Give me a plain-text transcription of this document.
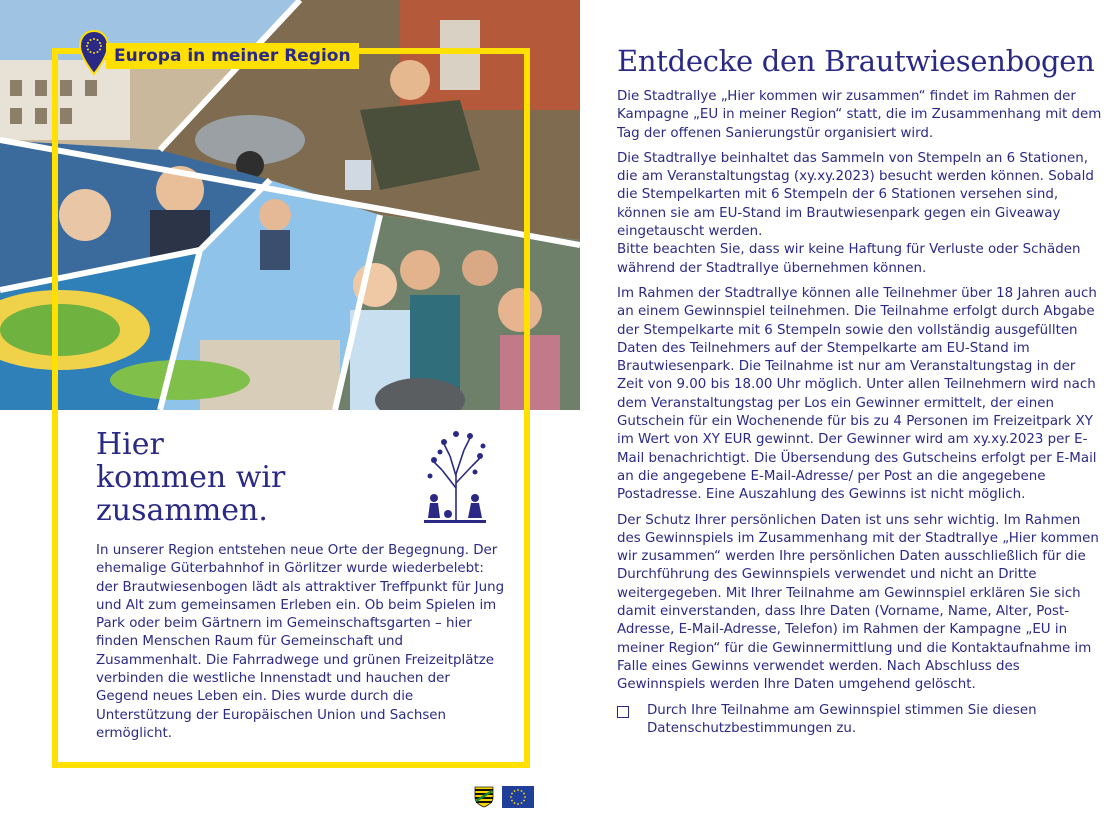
Europa in meiner Region
Hier
kommen wir
zusammen.

In unserer Region entstehen neue Orte der Begegnung. Der ehemalige Güterbahnhof in Görlitzer wurde wiederbelebt: der Brautwiesenbogen lädt als attraktiver Treffpunkt für Jung und Alt zum gemeinsamen Erleben ein. Ob beim Spielen im Park oder beim Gärtnern im Gemeinschaftsgarten – hier finden Menschen Raum für Gemeinschaft und Zusammenhalt. Die Fahrradwege und grünen Freizeitplätze verbinden die westliche Innenstadt und hauchen der Gegend neues Leben ein. Dies wurde durch die Unterstützung der Europäischen Union und Sachsen ermöglicht.

Entdecke den Brautwiesenbogen

Die Stadtrallye „Hier kommen wir zusammen“ findet im Rahmen der Kampagne „EU in meiner Region“ statt, die im Zusammenhang mit dem Tag der offenen Sanierungstür organisiert wird.

Die Stadtrallye beinhaltet das Sammeln von Stempeln an 6 Stationen, die am Veranstaltungstag (xy.xy.2023) besucht werden können. Sobald die Stempelkarten mit 6 Stempeln der 6 Stationen versehen sind, können sie am EU-Stand im Brautwiesenpark gegen ein Giveaway eingetauscht werden.

Bitte beachten Sie, dass wir keine Haftung für Verluste oder Schäden während der Stadtrallye übernehmen können.

Im Rahmen der Stadtrallye können alle Teilnehmer über 18 Jahren auch an einem Gewinnspiel teilnehmen. Die Teilnahme erfolgt durch Abgabe der Stempelkarte mit 6 Stempeln sowie den vollständig ausgefüllten Daten des Teilnehmers auf der Stempelkarte am EU-Stand im Brautwiesenpark. Die Teilnahme ist nur am Veranstaltungstag in der Zeit von 9.00 bis 18.00 Uhr möglich. Unter allen Teilnehmern wird nach dem Veranstaltungstag per Los ein Gewinner ermittelt, der einen Gutschein für ein Wochenende für bis zu 4 Personen im Freizeitpark XY im Wert von XY EUR gewinnt. Der Gewinner wird am xy.xy.2023 per E-Mail benachrichtigt. Die Übersendung des Gutscheins erfolgt per E-Mail an die angegebene E-Mail-Adresse/ per Post an die angegebene Postadresse. Eine Auszahlung des Gewinns ist nicht möglich.

Der Schutz Ihrer persönlichen Daten ist uns sehr wichtig. Im Rahmen des Gewinnspiels im Zusammenhang mit der Stadtrallye „Hier kommen wir zusammen“ werden Ihre persönlichen Daten ausschließlich für die Durchführung des Gewinnspiels verwendet und nicht an Dritte weitergegeben. Mit Ihrer Teilnahme am Gewinnspiel erklären Sie sich damit einverstanden, dass Ihre Daten (Vorname, Name, Alter, Post-Adresse, E-Mail-Adresse, Telefon) im Rahmen der Kampagne „EU in meiner Region“ für die Gewinnermittlung und die Kontaktaufnahme im Falle eines Gewinns verwendet werden. Nach Abschluss des Gewinnspiels werden Ihre Daten umgehend gelöscht.

Durch Ihre Teilnahme am Gewinnspiel stimmen Sie diesen Datenschutzbestimmungen zu.
